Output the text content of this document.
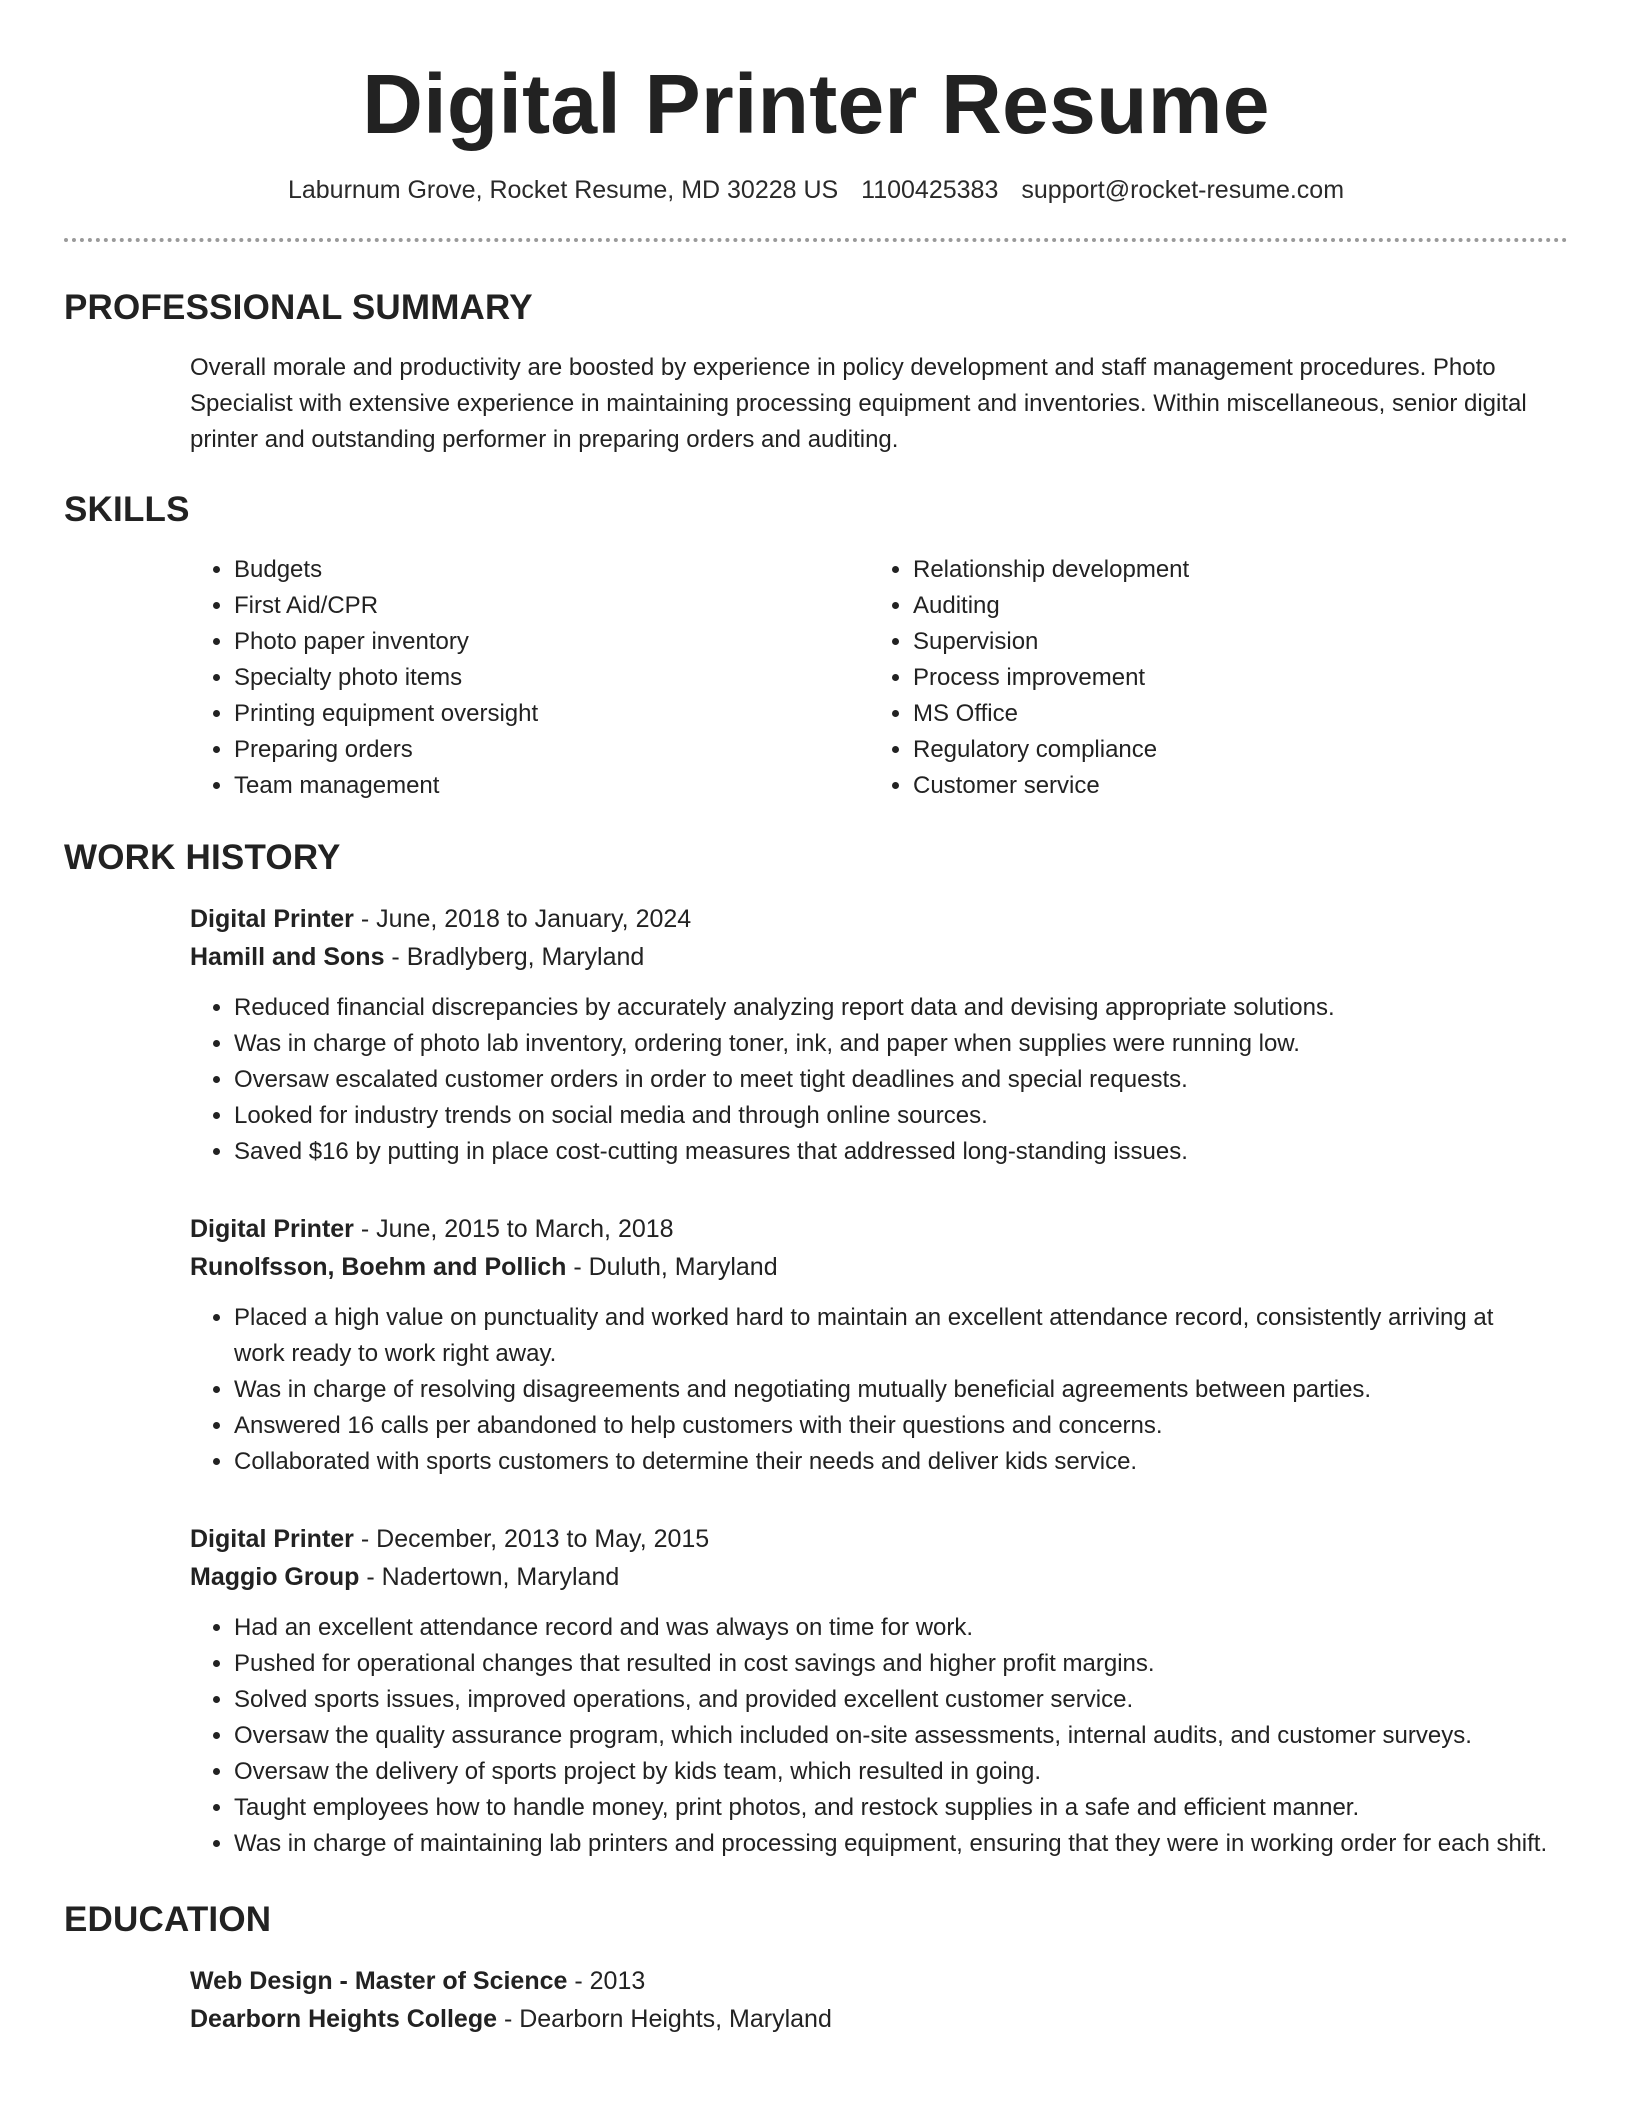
Digital Printer Resume
Laburnum Grove, Rocket Resume, MD 30228 US 1100425383 support@rocket-resume.com
PROFESSIONAL SUMMARY

Overall morale and productivity are boosted by experience in policy development and staff management procedures. Photo Specialist with extensive experience in maintaining processing equipment and inventories. Within miscellaneous, senior digital printer and outstanding performer in preparing orders and auditing.

SKILLS
• Budgets
• First Aid/CPR
• Photo paper inventory
• Specialty photo items
• Printing equipment oversight
• Preparing orders
• Team management
• Relationship development
• Auditing
• Supervision
• Process improvement
• MS Office
• Regulatory compliance
• Customer service
WORK HISTORY
Digital Printer - June, 2018 to January, 2024
Hamill and Sons - Bradlyberg, Maryland
• Reduced financial discrepancies by accurately analyzing report data and devising appropriate solutions.
• Was in charge of photo lab inventory, ordering toner, ink, and paper when supplies were running low.
• Oversaw escalated customer orders in order to meet tight deadlines and special requests.
• Looked for industry trends on social media and through online sources.
• Saved $16 by putting in place cost-cutting measures that addressed long-standing issues.
Digital Printer - June, 2015 to March, 2018
Runolfsson, Boehm and Pollich - Duluth, Maryland
• Placed a high value on punctuality and worked hard to maintain an excellent attendance record, consistently arriving at work ready to work right away.
• Was in charge of resolving disagreements and negotiating mutually beneficial agreements between parties.
• Answered 16 calls per abandoned to help customers with their questions and concerns.
• Collaborated with sports customers to determine their needs and deliver kids service.
Digital Printer - December, 2013 to May, 2015
Maggio Group - Nadertown, Maryland
• Had an excellent attendance record and was always on time for work.
• Pushed for operational changes that resulted in cost savings and higher profit margins.
• Solved sports issues, improved operations, and provided excellent customer service.
• Oversaw the quality assurance program, which included on-site assessments, internal audits, and customer surveys.
• Oversaw the delivery of sports project by kids team, which resulted in going.
• Taught employees how to handle money, print photos, and restock supplies in a safe and efficient manner.
• Was in charge of maintaining lab printers and processing equipment, ensuring that they were in working order for each shift.
EDUCATION
Web Design - Master of Science - 2013
Dearborn Heights College - Dearborn Heights, Maryland
